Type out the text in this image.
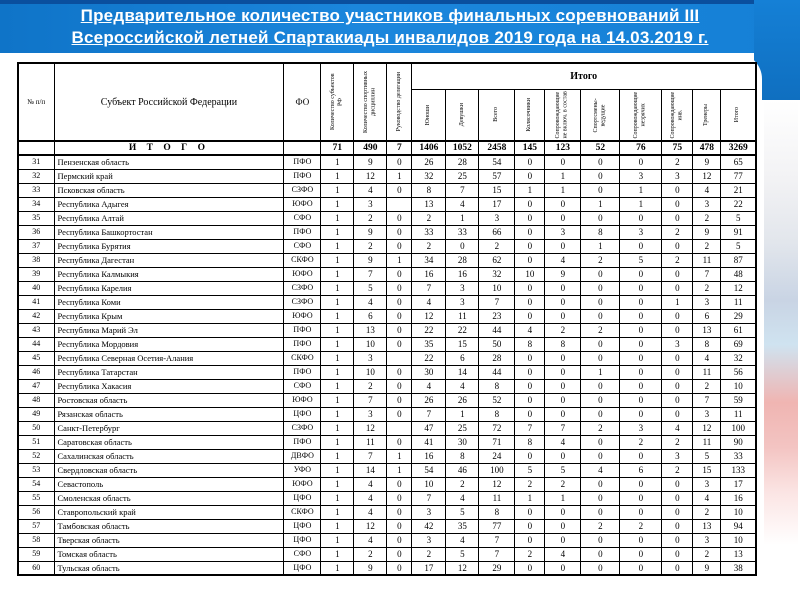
Предварительное количество участников финальных соревнований III
Всероссийской летней Спартакиады инвалидов 2019 года на 14.03.2019 г.
№ п/п	Субъект Российской Федерации	ФО	Количество субъектов РФ	Количество спортивных дисциплин	Руководство делегации	Итого									

						Юноши	Девушки	Всего	Колясочники	Сопровождающие не включ. в состав	Спортсмены-ведущие	Сопровождающие незрячих	Сопровождающие инв.	Тренеры	Итого

	И Т О Г О		71	490	7	1406	1052	2458	145	123	52	76	75	478	3269
31	Пензенская область	ПФО	1	9	0	26	28	54	0	0	0	0	2	9	65
32	Пермский край	ПФО	1	12	1	32	25	57	0	1	0	3	3	12	77
33	Псковская область	СЗФО	1	4	0	8	7	15	1	1	0	1	0	4	21
34	Республика Адыгея	ЮФО	1	3		13	4	17	0	0	1	1	0	3	22
35	Республика Алтай	СФО	1	2	0	2	1	3	0	0	0	0	0	2	5
36	Республика Башкортостан	ПФО	1	9	0	33	33	66	0	3	8	3	2	9	91
37	Республика Бурятия	СФО	1	2	0	2	0	2	0	0	1	0	0	2	5
38	Республика Дагестан	СКФО	1	9	1	34	28	62	0	4	2	5	2	11	87
39	Республика Калмыкия	ЮФО	1	7	0	16	16	32	10	9	0	0	0	7	48
40	Республика Карелия	СЗФО	1	5	0	7	3	10	0	0	0	0	0	2	12
41	Республика Коми	СЗФО	1	4	0	4	3	7	0	0	0	0	1	3	11
42	Республика Крым	ЮФО	1	6	0	12	11	23	0	0	0	0	0	6	29
43	Республика Марий Эл	ПФО	1	13	0	22	22	44	4	2	2	0	0	13	61
44	Республика Мордовия	ПФО	1	10	0	35	15	50	8	8	0	0	3	8	69
45	Республика Северная Осетия-Алания	СКФО	1	3		22	6	28	0	0	0	0	0	4	32
46	Республика Татарстан	ПФО	1	10	0	30	14	44	0	0	1	0	0	11	56
47	Республика Хакасия	СФО	1	2	0	4	4	8	0	0	0	0	0	2	10
48	Ростовская область	ЮФО	1	7	0	26	26	52	0	0	0	0	0	7	59
49	Рязанская область	ЦФО	1	3	0	7	1	8	0	0	0	0	0	3	11
50	Санкт-Петербург	СЗФО	1	12		47	25	72	7	7	2	3	4	12	100
51	Саратовская область	ПФО	1	11	0	41	30	71	8	4	0	2	2	11	90
52	Сахалинская область	ДВФО	1	7	1	16	8	24	0	0	0	0	3	5	33
53	Свердловская область	УФО	1	14	1	54	46	100	5	5	4	6	2	15	133
54	Севастополь	ЮФО	1	4	0	10	2	12	2	2	0	0	0	3	17
55	Смоленская область	ЦФО	1	4	0	7	4	11	1	1	0	0	0	4	16
56	Ставропольский край	СКФО	1	4	0	3	5	8	0	0	0	0	0	2	10
57	Тамбовская область	ЦФО	1	12	0	42	35	77	0	0	2	2	0	13	94
58	Тверская область	ЦФО	1	4	0	3	4	7	0	0	0	0	0	3	10
59	Томская область	СФО	1	2	0	2	5	7	2	4	0	0	0	2	13
60	Тульская область	ЦФО	1	9	0	17	12	29	0	0	0	0	0	9	38
